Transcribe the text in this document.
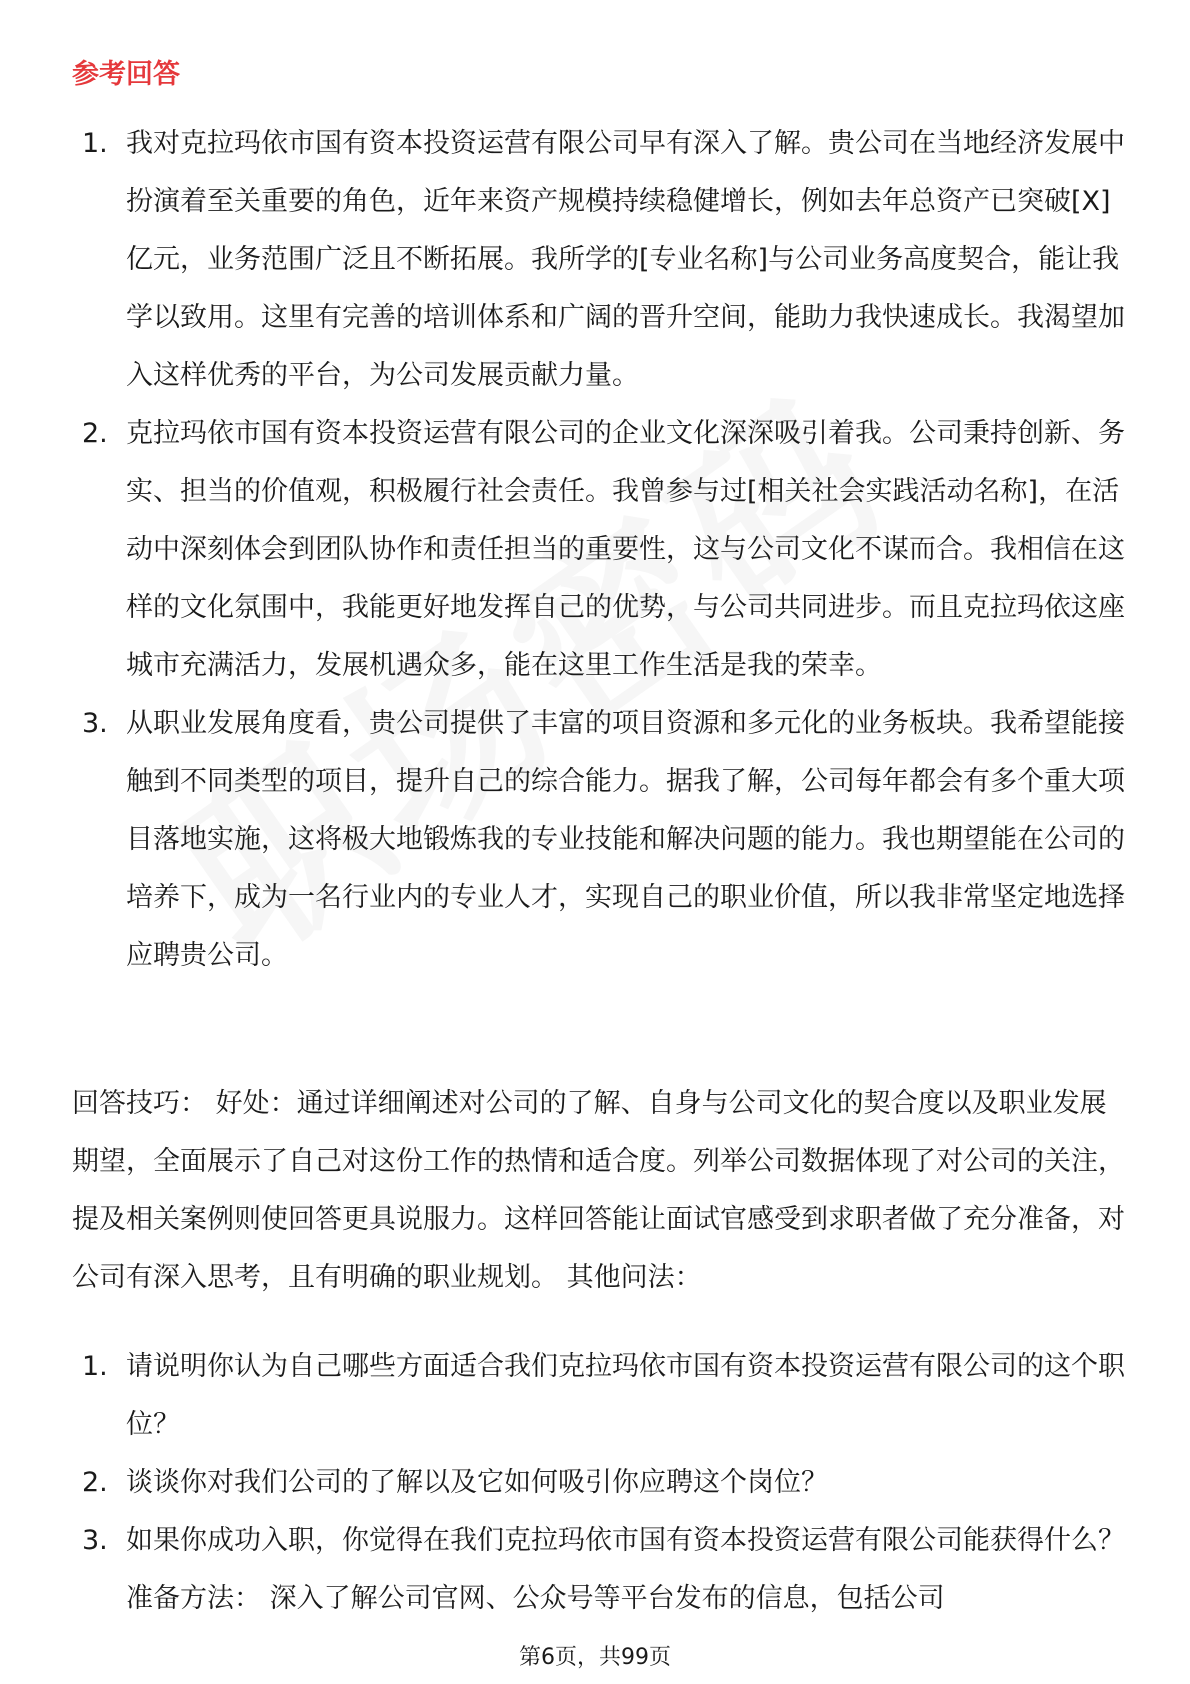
参考回答
1. 我对克拉玛依市国有资本投资运营有限公司早有深入了解。贵公司在当地经济发展中扮演着至关重要的角色，近年来资产规模持续稳健增长，例如去年总资产已突破[X]亿元，业务范围广泛且不断拓展。我所学的[专业名称]与公司业务高度契合，能让我学以致用。这里有完善的培训体系和广阔的晋升空间，能助力我快速成长。我渴望加入这样优秀的平台，为公司发展贡献力量。
2. 克拉玛依市国有资本投资运营有限公司的企业文化深深吸引着我。公司秉持创新、务实、担当的价值观，积极履行社会责任。我曾参与过[相关社会实践活动名称]，在活动中深刻体会到团队协作和责任担当的重要性，这与公司文化不谋而合。我相信在这样的文化氛围中，我能更好地发挥自己的优势，与公司共同进步。而且克拉玛依这座城市充满活力，发展机遇众多，能在这里工作生活是我的荣幸。
3. 从职业发展角度看，贵公司提供了丰富的项目资源和多元化的业务板块。我希望能接触到不同类型的项目，提升自己的综合能力。据我了解，公司每年都会有多个重大项目落地实施，这将极大地锻炼我的专业技能和解决问题的能力。我也期望能在公司的培养下，成为一名行业内的专业人才，实现自己的职业价值，所以我非常坚定地选择应聘贵公司。

回答技巧： 好处：通过详细阐述对公司的了解、自身与公司文化的契合度以及职业发展期望，全面展示了自己对这份工作的热情和适合度。列举公司数据体现了对公司的关注，提及相关案例则使回答更具说服力。这样回答能让面试官感受到求职者做了充分准备，对公司有深入思考，且有明确的职业规划。 其他问法：

1. 请说明你认为自己哪些方面适合我们克拉玛依市国有资本投资运营有限公司的这个职位？
2. 谈谈你对我们公司的了解以及它如何吸引你应聘这个岗位？
3. 如果你成功入职，你觉得在我们克拉玛依市国有资本投资运营有限公司能获得什么？ 准备方法： 深入了解公司官网、公众号等平台发布的信息，包括公司
第6页，共99页
